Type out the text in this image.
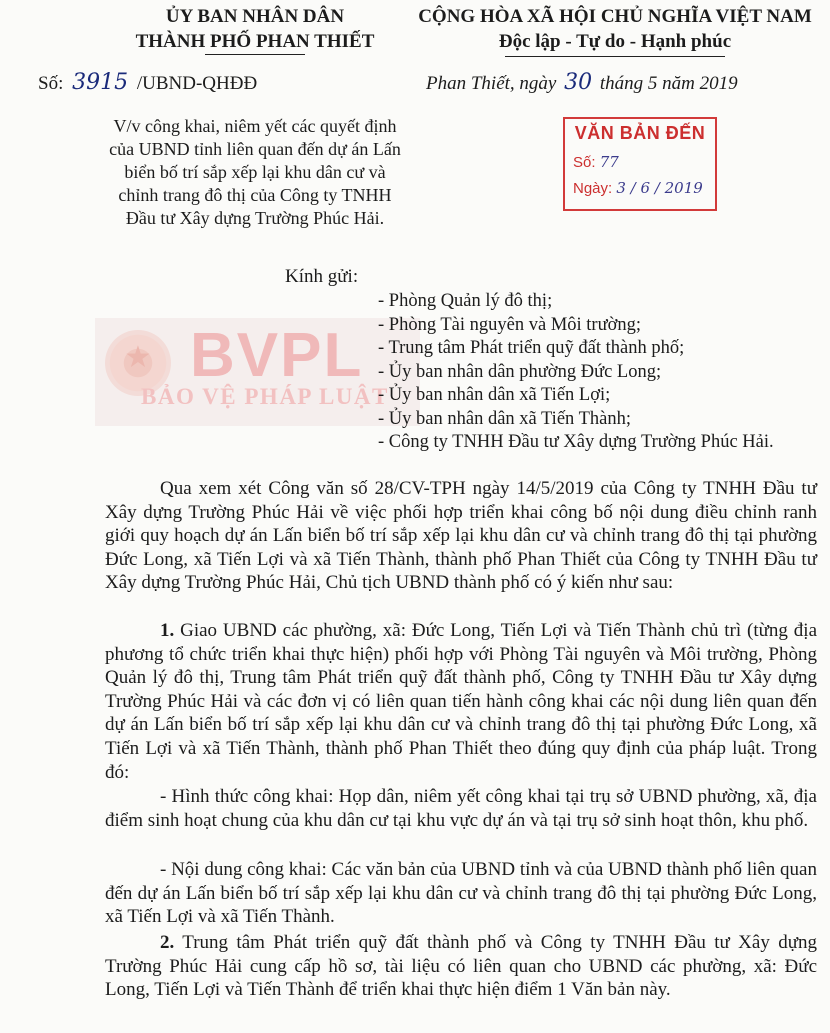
ỦY BAN NHÂN DÂN
THÀNH PHỐ PHAN THIẾT
CỘNG HÒA XÃ HỘI CHỦ NGHĨA VIỆT NAM
Độc lập - Tự do - Hạnh phúc
Số: 3915 /UBND-QHĐĐ	Phan Thiết, ngày 30 tháng 5 năm 2019
V/v công khai, niêm yết các quyết định của UBND tỉnh liên quan đến dự án Lấn biển bố trí sắp xếp lại khu dân cư và chỉnh trang đô thị của Công ty TNHH Đầu tư Xây dựng Trường Phúc Hải.
VĂN BẢN ĐẾN
Số: 77
Ngày: 3 / 6 / 2019
★ BVPL
BẢO VỆ PHÁP LUẬT
Kính gửi:
- Phòng Quản lý đô thị;
- Phòng Tài nguyên và Môi trường;
- Trung tâm Phát triển quỹ đất thành phố;
- Ủy ban nhân dân phường Đức Long;
- Ủy ban nhân dân xã Tiến Lợi;
- Ủy ban nhân dân xã Tiến Thành;
- Công ty TNHH Đầu tư Xây dựng Trường Phúc Hải.
Qua xem xét Công văn số 28/CV-TPH ngày 14/5/2019 của Công ty TNHH Đầu tư Xây dựng Trường Phúc Hải về việc phối hợp triển khai công bố nội dung điều chỉnh ranh giới quy hoạch dự án Lấn biển bố trí sắp xếp lại khu dân cư và chỉnh trang đô thị tại phường Đức Long, xã Tiến Lợi và xã Tiến Thành, thành phố Phan Thiết của Công ty TNHH Đầu tư Xây dựng Trường Phúc Hải, Chủ tịch UBND thành phố có ý kiến như sau:
1. Giao UBND các phường, xã: Đức Long, Tiến Lợi và Tiến Thành chủ trì (từng địa phương tổ chức triển khai thực hiện) phối hợp với Phòng Tài nguyên và Môi trường, Phòng Quản lý đô thị, Trung tâm Phát triển quỹ đất thành phố, Công ty TNHH Đầu tư Xây dựng Trường Phúc Hải và các đơn vị có liên quan tiến hành công khai các nội dung liên quan đến dự án Lấn biển bố trí sắp xếp lại khu dân cư và chỉnh trang đô thị tại phường Đức Long, xã Tiến Lợi và xã Tiến Thành, thành phố Phan Thiết theo đúng quy định của pháp luật. Trong đó:
- Hình thức công khai: Họp dân, niêm yết công khai tại trụ sở UBND phường, xã, địa điểm sinh hoạt chung của khu dân cư tại khu vực dự án và tại trụ sở sinh hoạt thôn, khu phố.
- Nội dung công khai: Các văn bản của UBND tỉnh và của UBND thành phố liên quan đến dự án Lấn biển bố trí sắp xếp lại khu dân cư và chỉnh trang đô thị tại phường Đức Long, xã Tiến Lợi và xã Tiến Thành.
2. Trung tâm Phát triển quỹ đất thành phố và Công ty TNHH Đầu tư Xây dựng Trường Phúc Hải cung cấp hồ sơ, tài liệu có liên quan cho UBND các phường, xã: Đức Long, Tiến Lợi và Tiến Thành để triển khai thực hiện điểm 1 Văn bản này.
